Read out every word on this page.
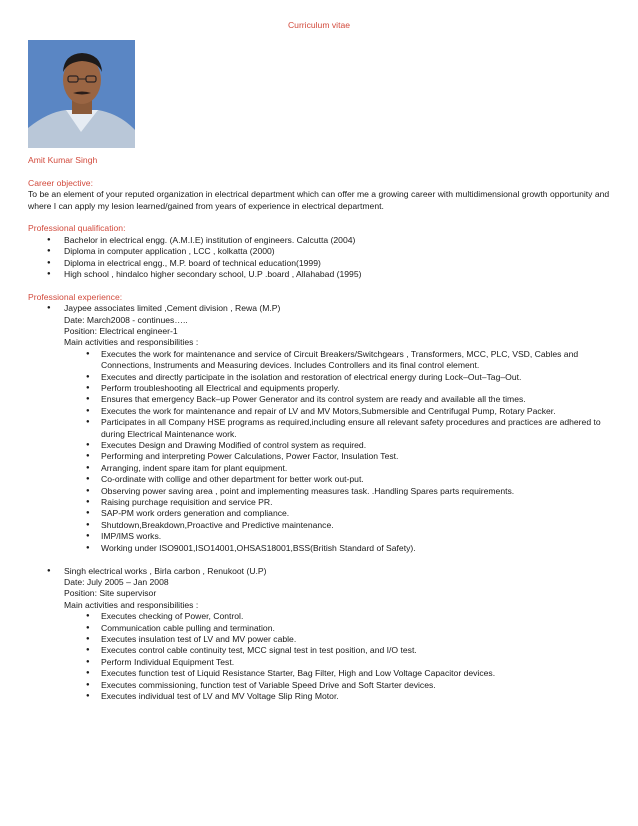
Curriculum vitae
Amit Kumar Singh
Career objective:
To be an element of your reputed organization in electrical department which can offer me a growing career with multidimensional growth opportunity and where I can apply my lesion learned/gained from years of experience in electrical department.
Professional qualification:
● Bachelor in electrical engg. (A.M.I.E) institution of engineers. Calcutta (2004)
● Diploma in computer application , LCC , kolkatta (2000)
● Diploma in electrical engg., M.P. board of technical education(1999)
● High school , hindalco higher secondary school, U.P .board , Allahabad (1995)
Professional experience:
● Jaypee associates limited ,Cement division , Rewa (M.P)
Date: March2008 - continues…..
Position: Electrical engineer-1
Main activities and responsibilities :
● Executes the work for maintenance and service of Circuit Breakers/Switchgears , Transformers, MCC, PLC, VSD, Cables and Connections, Instruments and Measuring devices. Includes Controllers and its final control element.
● Executes and directly participate in the isolation and restoration of electrical energy during Lock–Out–Tag–Out.
● Perform troubleshooting all Electrical and equipments properly.
● Ensures that emergency Back–up Power Generator and its control system are ready and available all the times.
● Executes the work for maintenance and repair of LV and MV Motors,Submersible and Centrifugal Pump, Rotary Packer.
● Participates in all Company HSE programs as required,including ensure all relevant safety procedures and practices are adhered to during Electrical Maintenance work.
● Executes Design and Drawing Modified of control system as required.
● Performing and interpreting Power Calculations, Power Factor, Insulation Test.
● Arranging, indent spare itam for plant equipment.
● Co-ordinate with collige and other department for better work out-put.
● Observing power saving area , point and implementing measures task. .Handling Spares parts requirements.
● Raising purchage requisition and service PR.
● SAP-PM work orders generation and compliance.
● Shutdown,Breakdown,Proactive and Predictive maintenance.
● IMP/IMS works.
● Working under ISO9001,ISO14001,OHSAS18001,BSS(British Standard of Safety).
● Singh electrical works , Birla carbon , Renukoot (U.P)
Date: July 2005 – Jan 2008
Position: Site supervisor
Main activities and responsibilities :
● Executes checking of Power, Control.
● Communication cable pulling and termination.
● Executes insulation test of LV and MV power cable.
● Executes control cable continuity test, MCC signal test in test position, and I/O test.
● Perform Individual Equipment Test.
● Executes function test of Liquid Resistance Starter, Bag Filter, High and Low Voltage Capacitor devices.
● Executes commissioning, function test of Variable Speed Drive and Soft Starter devices.
● Executes individual test of LV and MV Voltage Slip Ring Motor.
